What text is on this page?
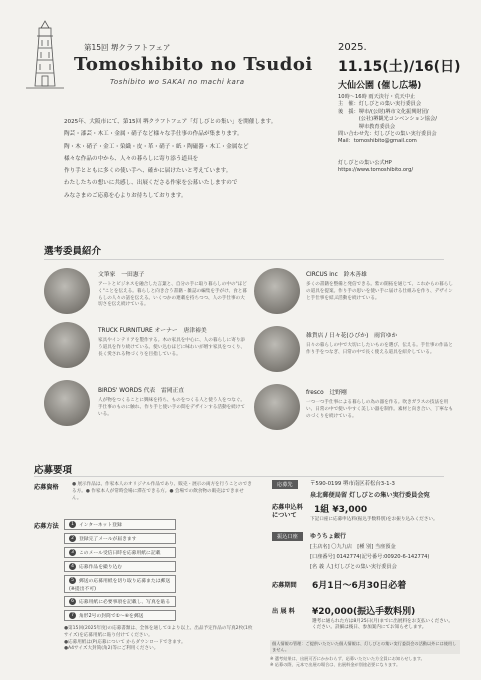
第15回 堺クラフトフェア
Tomoshibito no Tsudoi
Toshibito wo SAKAI no machi kara
2025.
11.15(土)/16(日)
大仙公園 (催し広場)
10時〜16時 雨天決行・荒天中止
主　催：灯しびとの集い実行委員会
後　援：堺市/(公財)堺市文化振興財団/
　　　　(公社)堺観光コンベンション協会/
　　　　堺市教育委員会
問い合わせ先：灯しびとの集い実行委員会
Mail：tomoshibito@gmail.com
灯しびとの集い公式HP
https://www.tomoshibito.org/
2025年、大阪市にて、第15回 堺クラフトフェア「灯しびとの集い」を開催します。
陶芸・漆芸・木工・金属・硝子など様々な手仕事の作品が集まります。
陶・木・硝子・金工・染織・皮・革・硝子・紙・陶磁器・木工・金属など
様々な作品の中から、人々の暮らしに寄り添う道具を
作り手とともに多くの使い手へ、確かに届けたいと考えています。
わたしたちの想いに共感し、出展くださる作家を公募いたしますので
みなさまのご応募を心よりお待ちしております。
選考委員紹介
文筆家　 一田憲子
アートとビジネスを融合した言葉と、自分の手に取り暮らしの中の"ほどく"ことを伝える。暮らしと向き合う書籍・雑誌の編集を手がけ、食と暮らしの人々の話を伝える。いくつかの連載を持ちつつ、人の手仕事の大切さを伝え続けている。
CIRCUS inc　 鈴木善雄
多くの書籍を整備と発信できる。紫の開拓を通じて、これからの暮らしの道具を提案。作り手の思いを使い手に届ける仕組みを作り、デザインと手仕事を結ぶ活動を続けている。
TRUCK FURNITURE オーナー　 唐津裕美
家具やインテリアを製作する。木の家具を中心に、人の暮らしに寄り添う道具を作り続けている。使い込むほどに味わいが増す家具をつくり、長く愛される物づくりを目指している。
雑貨店 / 日々花(ひびか)　 雨宮ゆか
日々の暮らしの中で大切にしたいものを選び、伝える。手仕事の作品と作り手をつなぎ、日常の中で長く使える道具を紹介している。
BIRDS' WORDS 代表　 雷岡正直
人が物をつくることに興味を持ち、ものをつくる人と使う人をつなぐ。手仕事のものに触れ、作り手と使い手の間をデザインする活動を続けている。
fresco　 辻野剛
一つ一つ手仕事による暮らしの為の器を作る。吹きガラスの技法を用い、日常の中で使いやすく美しい器を制作。素材と向き合い、丁寧なものづくりを続けている。
応募要項
応募資格	● 展示作品は、作家本人のオリジナル作品であり、販売・展示の両方を行うことのできる方。● 作家本人が常時会場に滞在できる方。● 会場での飲食物の販売はできません。
応募方法	1 インターネット登録
2 登録完了メールが届きます
3 このメール受信日時を応募用紙に記載
4 応募作品を撮り込む
5 郵送の応募用紙を切り取り応募または郵送(※提出不可)
6 応募用紙に必要事項を記載し、写真を貼る
7 角形2号の封筒で①〜⑥を郵送
●第15回(2025年度)の応募書類は、全体を通して①より以上、出品予定作品の写真2枚(1枚サイズ)を応募用紙に貼り付けてください。
●応募用紙は(P)応募について からダウンロードできます。
●A4サイズ大封筒(角2)等にご利用ください。
応募先	〒590-0199 堺市南区若松台3-1-3
泉北郵便局留 灯しびとの集い実行委員会宛
応募申込料について
1組 ¥3,000
下記口座に応募申込料(振込手数料別)をお振り込みください。
振込口座	ゆうちょ銀行
[主店名] 〇九九店　[種 別] 当座預金
[口座番号] 0142774(記号番号:00920-6-142774)
[名 義 人] 灯しびとの集い実行委員会
応募期間 6月1日〜6月30日必着
出 展 料 ¥20,000(振込手数料別)
選考に通られた方は8月25日(月)までに出展料をお支払いください。
ください。詳細は後日、参加案内にてお知らせします。
個人情報の管理：ご提供いただいた個人情報は、灯しびとの集い実行委員会の活動以外には使用しません。
※ 選考結果は、出展可否にかかわらず、応募いただいた方全員にお知らせします。
※ 応募の際、元本で出展の場合は、出展料金が別途必要になります。
